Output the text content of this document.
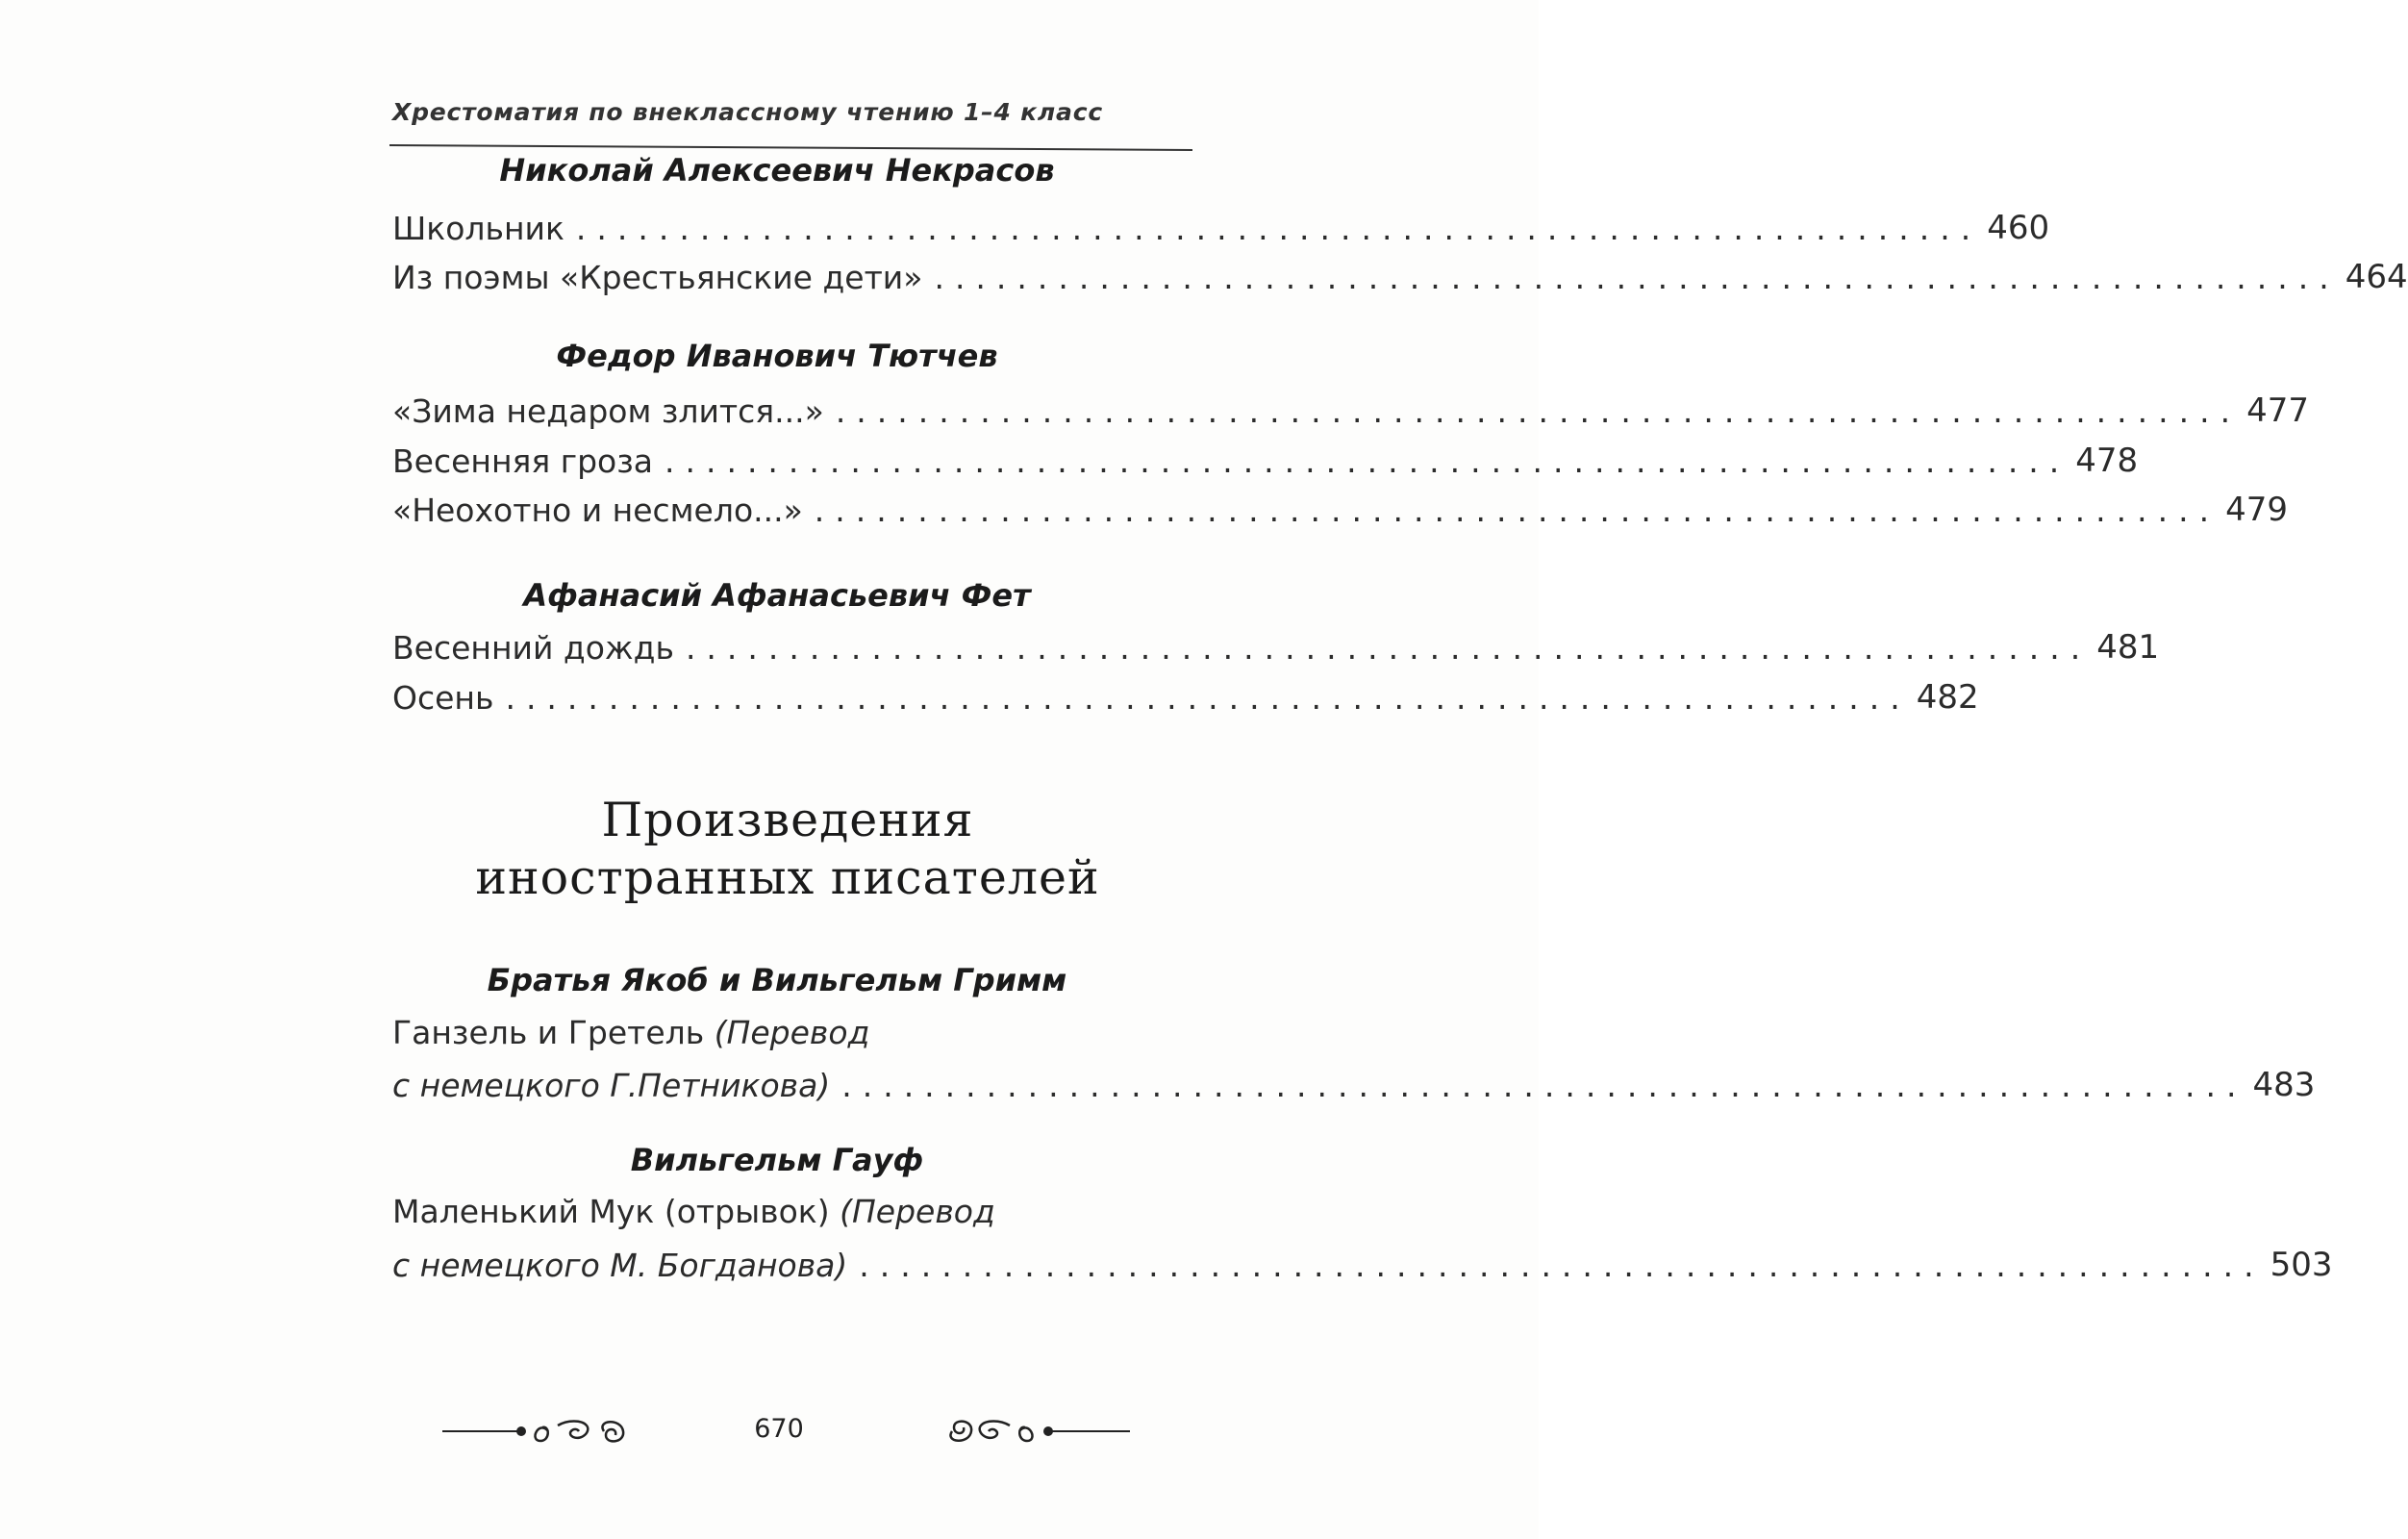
Хрестоматия по внеклассному чтению 1–4 класс
Николай Алексеевич Некрасов
Школьник .................................................................... 460
Из поэмы «Крестьянские дети» .................................................................... 464
Федор Иванович Тютчев
«Зима недаром злится...» .................................................................... 477
Весенняя гроза .................................................................... 478
«Неохотно и несмело...» .................................................................... 479
Афанасий Афанасьевич Фет
Весенний дождь .................................................................... 481
Осень .................................................................... 482
Произведения
иностранных писателей
Братья Якоб и Вильгельм Гримм
Ганзель и Гретель (Перевод
с немецкого Г.Петникова) .................................................................... 483
Вильгельм Гауф
Маленький Мук (отрывок) (Перевод
с немецкого М. Богданова) .................................................................... 503
670
